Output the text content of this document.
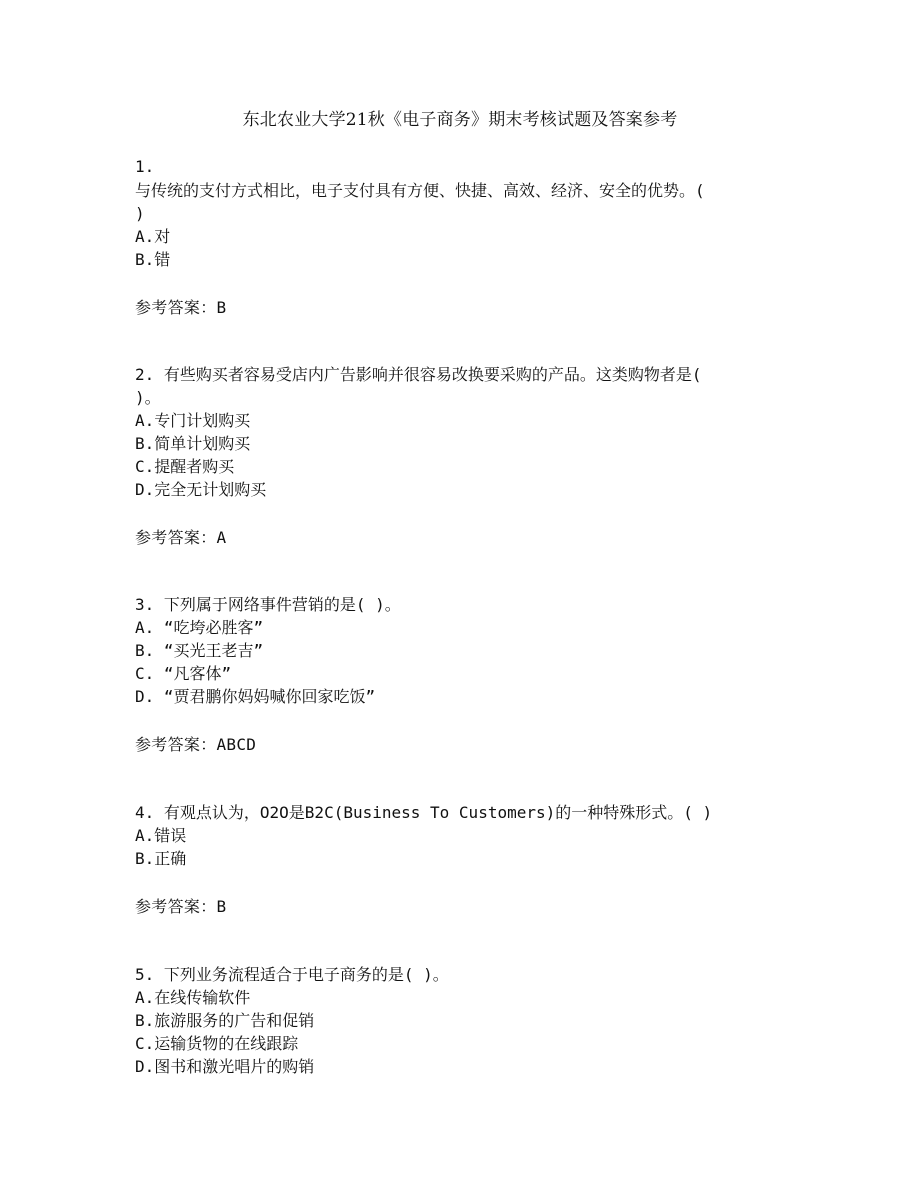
东北农业大学21秋《电子商务》期末考核试题及答案参考
1.
与传统的支付方式相比，电子支付具有方便、快捷、高效、经济、安全的优势。(
)
A.对
B.错
参考答案：B
2. 有些购买者容易受店内广告影响并很容易改换要采购的产品。这类购物者是(
)。
A.专门计划购买
B.简单计划购买
C.提醒者购买
D.完全无计划购买
参考答案：A
3. 下列属于网络事件营销的是( )。
A. “吃垮必胜客”
B. “买光王老吉”
C. “凡客体”
D. “贾君鹏你妈妈喊你回家吃饭”
参考答案：ABCD
4. 有观点认为，O2O是B2C(Business To Customers)的一种特殊形式。( )
A.错误
B.正确
参考答案：B
5. 下列业务流程适合于电子商务的是( )。
A.在线传输软件
B.旅游服务的广告和促销
C.运输货物的在线跟踪
D.图书和激光唱片的购销
